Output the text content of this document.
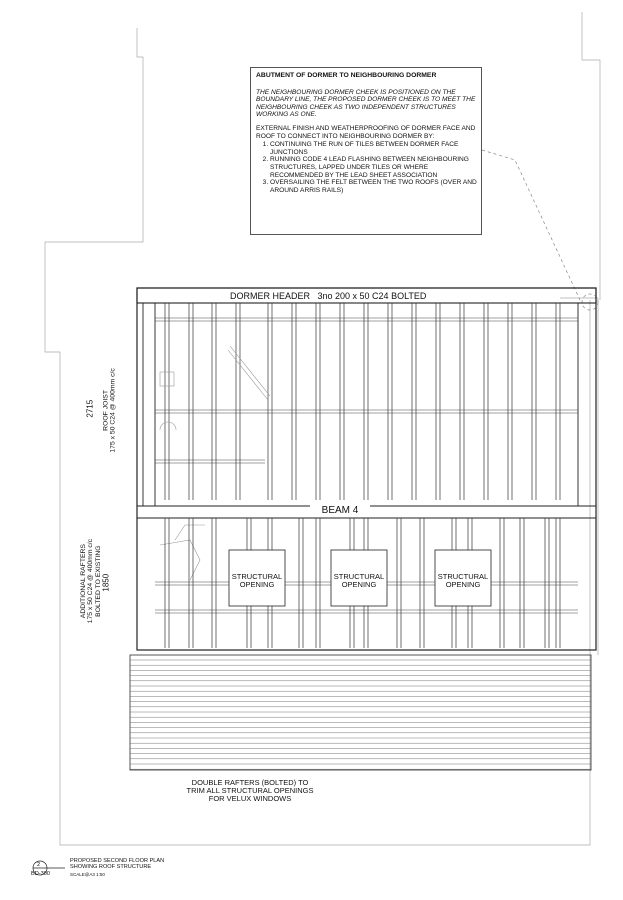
ABUTMENT OF DORMER TO NEIGHBOURING DORMER

THE NEIGHBOURING DORMER CHEEK IS POSITIONED ON THE BOUNDARY LINE, THE PROPOSED DORMER CHEEK IS TO MEET THE NEIGHBOURING CHEEK AS TWO INDEPENDENT STRUCTURES WORKING AS ONE.

EXTERNAL FINISH AND WEATHERPROOFING OF DORMER FACE AND ROOF TO CONNECT INTO NEIGHBOURING DORMER BY:

1. CONTINUING THE RUN OF TILES BETWEEN DORMER FACE JUNCTIONS
2. RUNNING CODE 4 LEAD FLASHING BETWEEN NEIGHBOURING STRUCTURES, LAPPED UNDER TILES OR WHERE RECOMMENDED BY THE LEAD SHEET ASSOCIATION
3. OVERSAILING THE FELT BETWEEN THE TWO ROOFS (OVER AND AROUND ARRIS RAILS)
DORMER HEADER   3no 200 x 50 C24 BOLTED
BEAM 4
STRUCTURAL
OPENING
STRUCTURAL
OPENING
STRUCTURAL
OPENING
2715 ROOF JOIST 175 x 50 C24 @ 400mm c/c
ADDITIONAL RAFTERS 175 x 50 C24 @ 400mm c/c BOLTED TO EXISTING 1850
DOUBLE RAFTERS (BOLTED) TO
TRIM ALL STRUCTURAL OPENINGS
FOR VELUX WINDOWS
2
BD-300
PROPOSED SECOND FLOOR PLAN
SHOWING ROOF STRUCTURE
SCALE@A3 1:50
